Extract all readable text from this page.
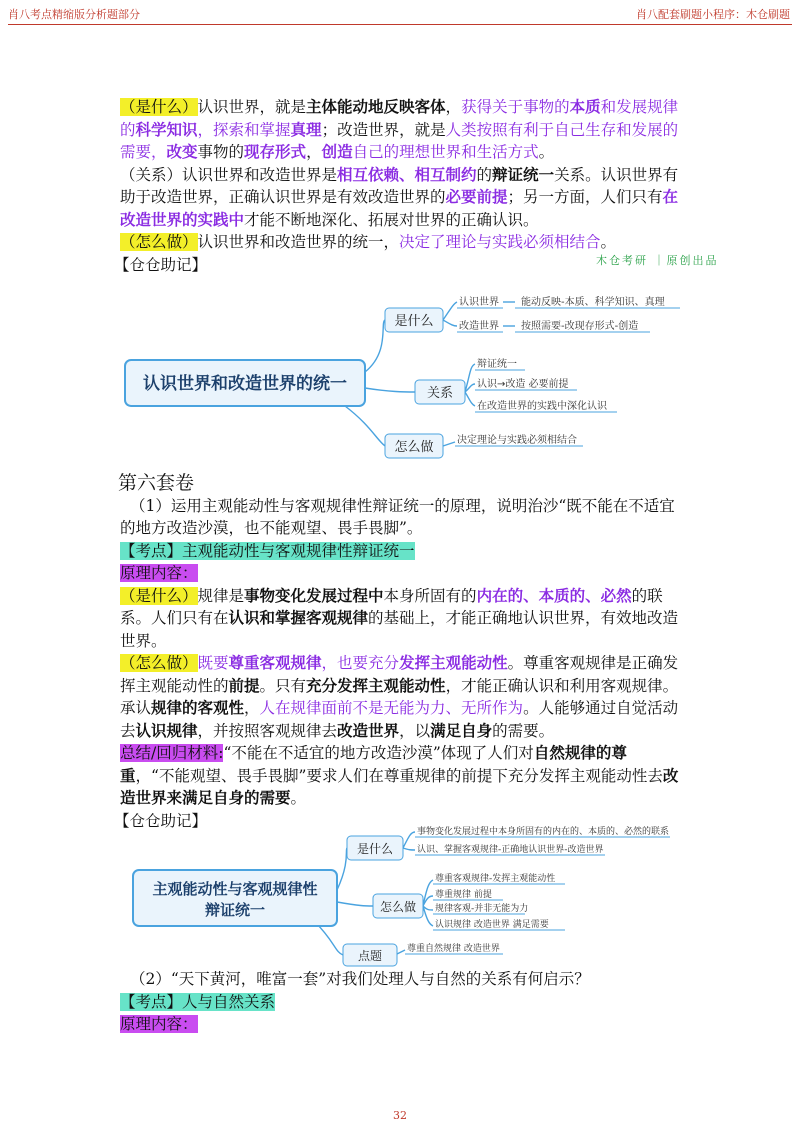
肖八考点精缩版分析题部分	肖八配套刷题小程序：木仓刷题

（是什么）认识世界，就是主体能动地反映客体，获得关于事物的本质和发展规律的科学知识，探索和掌握真理；改造世界，就是人类按照有利于自己生存和发展的需要，改变事物的现存形式，创造自己的理想世界和生活方式。

（关系）认识世界和改造世界是相互依赖、相互制约的辩证统一关系。认识世界有助于改造世界，正确认识世界是有效改造世界的必要前提；另一方面，人们只有在改造世界的实践中才能不断地深化、拓展对世界的正确认识。

（怎么做）认识世界和改造世界的统一，决定了理论与实践必须相结合。

【仓仓助记】	木仓考研 ｜原创出品
认识世界和改造世界的统一
是什么
关系
怎么做
认识世界 能动反映-本质、科学知识、真理
改造世界 按照需要-改现存形式-创造
辩证统一
认识→改造 必要前提
在改造世界的实践中深化认识
决定理论与实践必须相结合

第六套卷

（1）运用主观能动性与客观规律性辩证统一的原理，说明治沙“既不能在不适宜的地方改造沙漠，也不能观望、畏手畏脚”。

【考点】主观能动性与客观规律性辩证统一

原理内容：

（是什么）规律是事物变化发展过程中本身所固有的内在的、本质的、必然的联系。人们只有在认识和掌握客观规律的基础上，才能正确地认识世界，有效地改造世界。

（怎么做）既要尊重客观规律，也要充分发挥主观能动性。尊重客观规律是正确发挥主观能动性的前提。只有充分发挥主观能动性，才能正确认识和利用客观规律。承认规律的客观性，人在规律面前不是无能为力、无所作为。人能够通过自觉活动去认识规律，并按照客观规律去改造世界，以满足自身的需要。

总结/回归材料:“不能在不适宜的地方改造沙漠”体现了人们对自然规律的尊重，“不能观望、畏手畏脚”要求人们在尊重规律的前提下充分发挥主观能动性去改造世界来满足自身的需要。

【仓仓助记】

主观能动性与客观规律性
辩证统一
是什么
怎么做
点题
事物变化发展过程中本身所固有的内在的、本质的、必然的联系
认识、掌握客观规律-正确地认识世界-改造世界
尊重客观规律-发挥主观能动性
尊重规律 前提
规律客观-并非无能为力
认识规律 改造世界 满足需要
尊重自然规律 改造世界

（2）“天下黄河，唯富一套”对我们处理人与自然的关系有何启示？

【考点】人与自然关系

原理内容：

32
